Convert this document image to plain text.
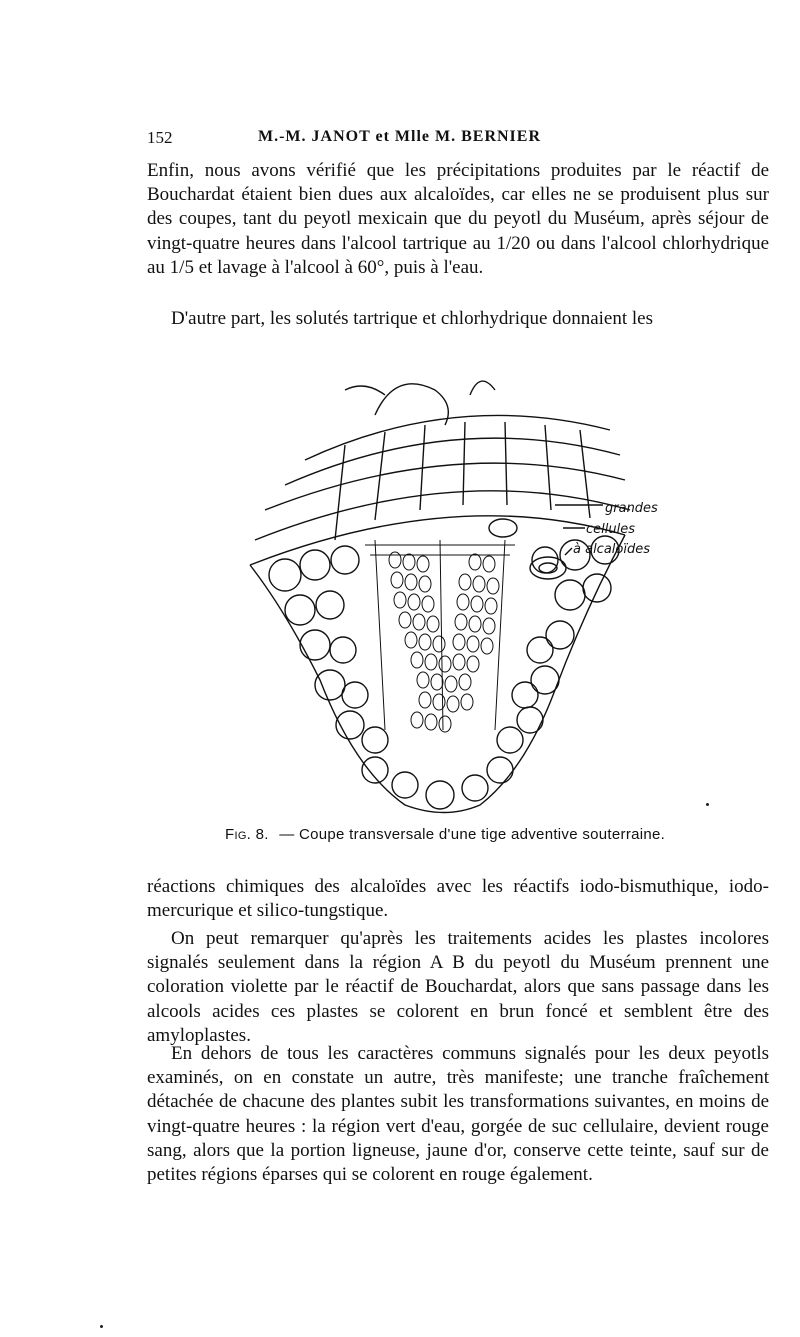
152	M.-M. JANOT et Mlle M. BERNIER

Enfin, nous avons vérifié que les précipitations produites par le réactif de Bouchardat étaient bien dues aux alcaloïdes, car elles ne se produisent plus sur des coupes, tant du peyotl mexicain que du peyotl du Muséum, après séjour de vingt-quatre heures dans l'alcool tartrique au 1/20 ou dans l'alcool chlorhydrique au 1/5 et lavage à l'alcool à 60°, puis à l'eau.

D'autre part, les solutés tartrique et chlorhydrique donnaient les

grandes
cellules
à alcaloïdes
Fig. 8. — Coupe transversale d'une tige adventive souterraine.

réactions chimiques des alcaloïdes avec les réactifs iodo-bismuthique, iodo-mercurique et silico-tungstique.

On peut remarquer qu'après les traitements acides les plastes incolores signalés seulement dans la région A B du peyotl du Muséum prennent une coloration violette par le réactif de Bouchardat, alors que sans passage dans les alcools acides ces plastes se colorent en brun foncé et semblent être des amyloplastes.

En dehors de tous les caractères communs signalés pour les deux peyotls examinés, on en constate un autre, très manifeste; une tranche fraîchement détachée de chacune des plantes subit les transformations suivantes, en moins de vingt-quatre heures : la région vert d'eau, gorgée de suc cellulaire, devient rouge sang, alors que la portion ligneuse, jaune d'or, conserve cette teinte, sauf sur de petites régions éparses qui se colorent en rouge également.
